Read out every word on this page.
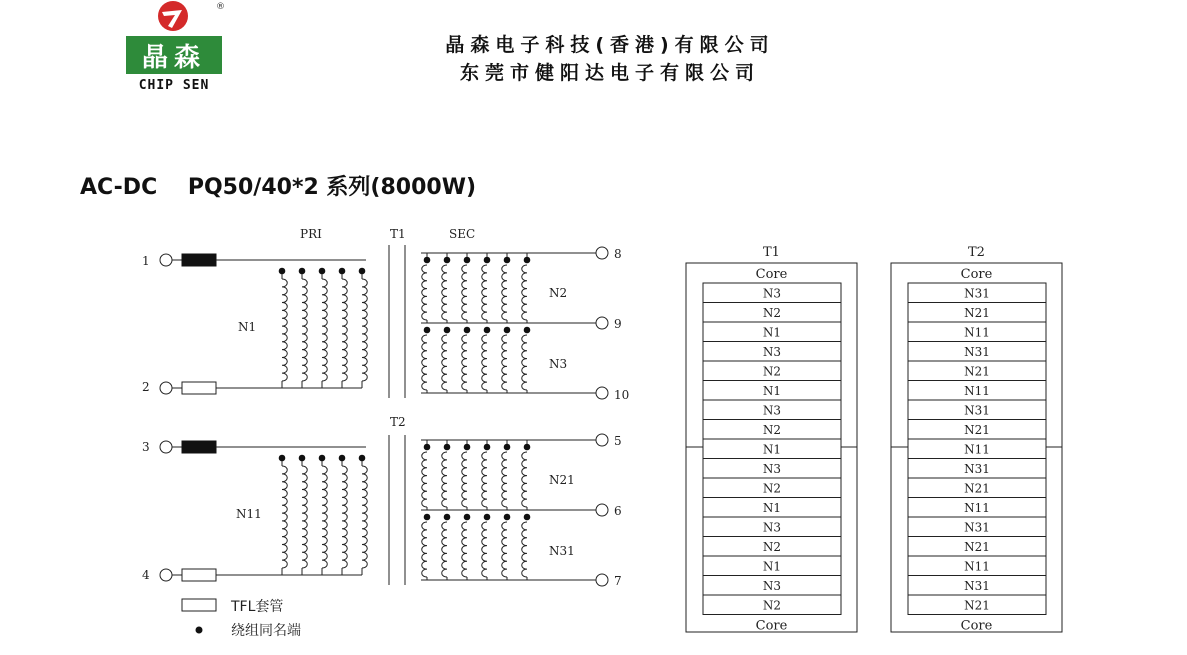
®
晶森
CHIP SEN
晶森电子科技(香港)有限公司
东莞市健阳达电子有限公司
AC-DC    PQ50/40*2 系列(8000W)
PRI	T1	SEC
T2
N1
N2
N3
N11
N21
N31
1
2
3
4
5
6
7
8
9
10
TFL套管
绕组同名端
T1
Core
N3
N2
N1
N3
N2
N1
N3
N2
N1
N3
N2
N1
N3
N2
N1
N3
N2
Core
T2
Core
N31
N21
N11
N31
N21
N11
N31
N21
N11
N31
N21
N11
N31
N21
N11
N31
N21
Core
